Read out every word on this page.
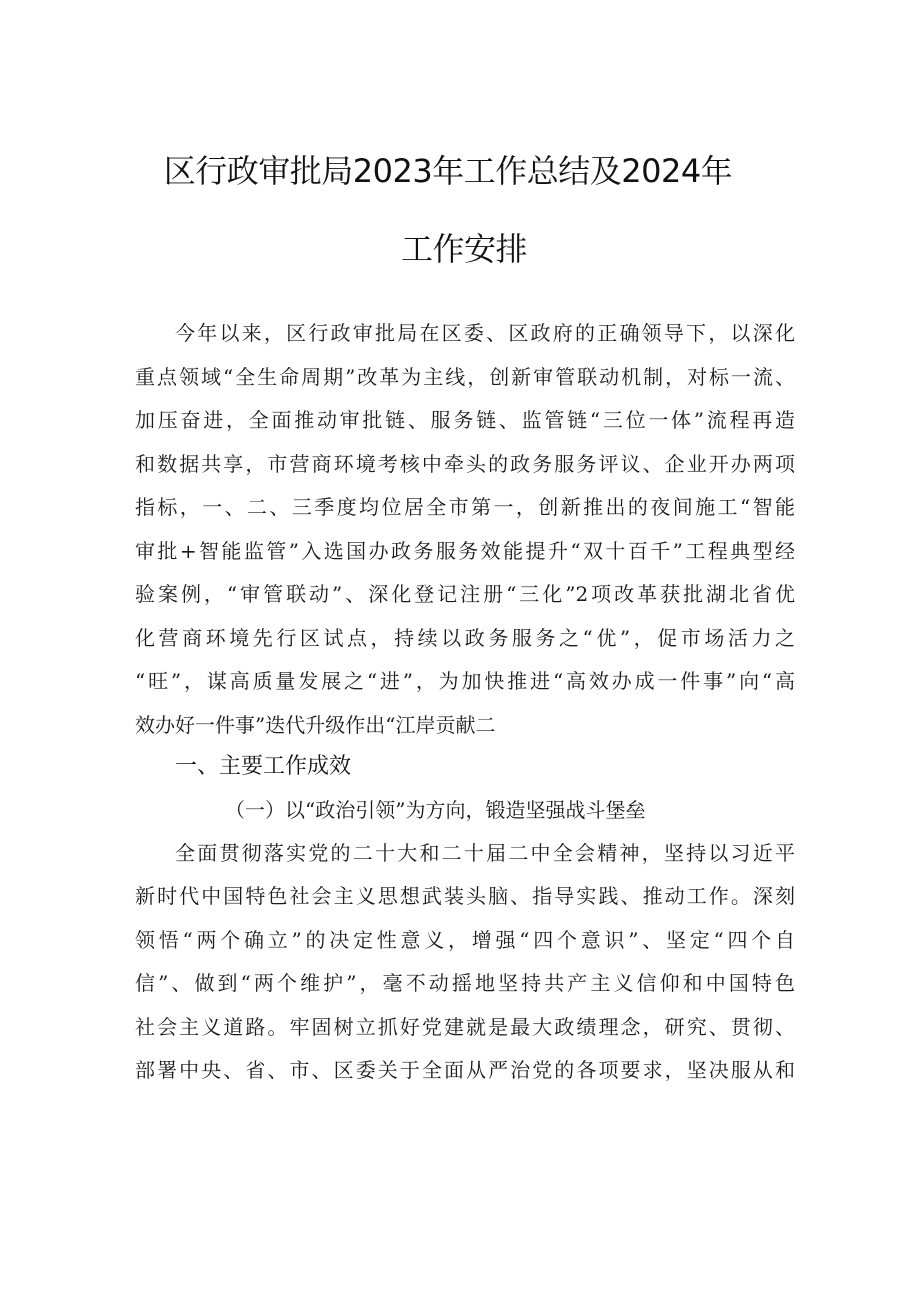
区行政审批局2023年工作总结及2024年
工作安排
今年以来，区行政审批局在区委、区政府的正确领导下，以深化
重点领域“全生命周期”改革为主线，创新审管联动机制，对标一流、
加压奋进，全面推动审批链、服务链、监管链“三位一体”流程再造
和数据共享，市营商环境考核中牵头的政务服务评议、企业开办两项
指标，一、二、三季度均位居全市第一，创新推出的夜间施工“智能
审批+智能监管”入选国办政务服务效能提升“双十百千”工程典型经
验案例，“审管联动”、深化登记注册“三化”2项改革获批湖北省优
化营商环境先行区试点，持续以政务服务之“优”，促市场活力之
“旺”，谋高质量发展之“进”，为加快推进“高效办成一件事”向“高
效办好一件事”迭代升级作出“江岸贡献二
一、主要工作成效
（一）以“政治引领”为方向，锻造坚强战斗堡垒
全面贯彻落实党的二十大和二十届二中全会精神，坚持以习近平
新时代中国特色社会主义思想武装头脑、指导实践、推动工作。深刻
领悟“两个确立”的决定性意义，增强“四个意识”、坚定“四个自
信”、做到“两个维护”，毫不动摇地坚持共产主义信仰和中国特色
社会主义道路。牢固树立抓好党建就是最大政绩理念，研究、贯彻、
部署中央、省、市、区委关于全面从严治党的各项要求，坚决服从和
